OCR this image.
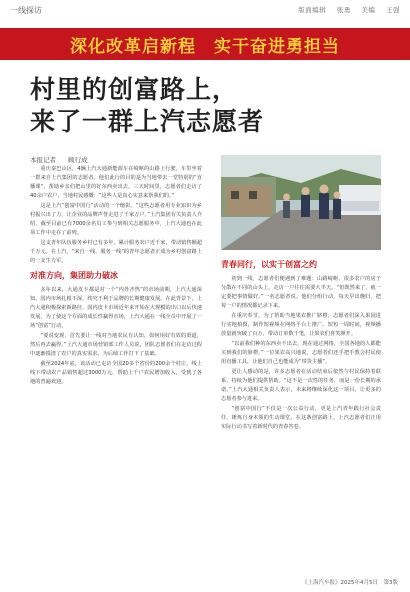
一线探访	版面编辑 张勇 美编 王强
深化改革启新程　实干奋进勇担当
村里的创富路上，
来了一群上汽志愿者
本报记者 顾行成

重庆秦巴山区，4辆上汽大通新能源车在崎岖的山路上行驶，车里坐着一群来自上汽集团的志愿者。他们此行的目的是为当地带去一堂特别的“直播课”，帮助乡亲们把山里的好东西卖出去。三天时间里，志愿者们走访了40余户农户，当地村民感慨：“这些人是真心实意来帮我们的。”

这是上汽“创富中国行”活动的一个缩影。“这些志愿者用专业知识为乡村振兴出了力，让企业的品牌声誉走进了千家万户。”上汽集团有关负责人介绍，截至目前已有7000余名员工参与到相关志愿服务中，上汽大通也在此项工作中走在了前列。

这支青年队伍服务乡村已有多年，累计服务农户近千家，带动销售额超千万元。在上汽，“来自一线、服务一线”的青年志愿者正成为乡村创富路上的一支生力军。

对准方向，集团助力破冰

多年以来，大通皮卡都是对一个“内外齐热”的市场前期，上汽大通深知，国内市场扎根不深，终究不利于品牌的长期健康发展。在此背景下，上汽大通积极探索新路径，国内皮卡市场近年来开始在大规模的出口以后快速发展，为了使这个方面的成长性赢得市场，上汽大通在一线全员中开展了一场“创富”行动。

“要说变现，首先要让一线对当地农民有认知，如何用好有效的渠道，然后再去赢得。”上汽大通市场营销部工作人员说，团队志愿者们在走访过程中逐渐摸清了农户的真实需求，为后续工作打下了基础。

截至2024年底，该活动已走访全国20多个省份的200余个村庄，线上线下带动农产品销售超过3000万元，帮助上千户农民增加收入，受到了各地的普遍欢迎。

青春同行，以实干创富之约

初到一线，志愿者们便遇到了难题：山路崎岖，很多农户的房子分散在不同的山头上，走访一户往往需要大半天。“但既然来了，就一定要把事情做好。”一名志愿者说。他们分组行动，每天早出晚归，把每一户的情况都记录下来。

在重庆奉节，为了帮助当地果农推广脐橙，志愿者们深入果园进行实地拍摄，制作短视频在网络平台上推广。短短一周时间，视频播放量就突破了百万，带动订单数千笔，让果农们喜笑颜开。

“以前我们种的东西卖不出去，现在通过网络，全国各地的人都能买到我们的脐橙。”一位果农高兴地说。志愿者们还手把手教会村民使用直播工具，让他们自己也能成为“带货主播”。

更让人感动的是，许多志愿者在活动结束后依然与村民保持着联系，持续为他们提供帮助。“这不是一次性的任务，而是一份长期的承诺。”上汽大通相关负责人表示，未来将继续深化这一项目，让更多的志愿者参与进来。

“创富中国行”不仅是一次公益行动，更是上汽青年践行社会责任、锤炼自身本领的生动课堂。在这条创富路上，上汽志愿者们正用实际行动书写着新时代的青春答卷。

《上海汽车报》2025年4月5日　第3版
